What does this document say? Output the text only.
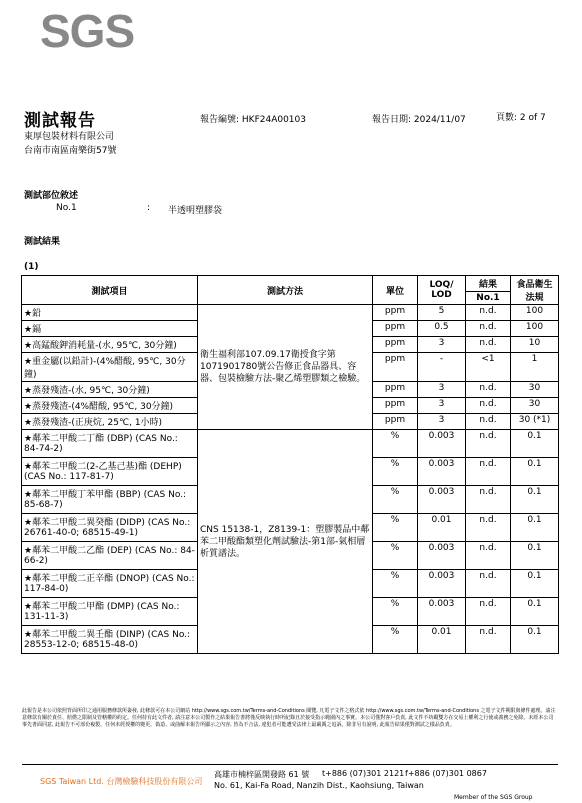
SGS
測試報告
東厚包裝材料有限公司
台南市南區南樂街57號
報告編號: HKF24A00103	報告日期: 2024/11/07	頁數: 2 of 7
測試部位敘述
No.1	: 半透明塑膠袋
測試結果
(1)
測試項目	測試方法	單位	LOQ/ LOD	結果	食品衛生法規
				No.1	
★鉛	衛生福利部107.09.17衛授食字第1071901780號公告修正食品器具、容器、包裝檢驗方法-聚乙烯塑膠類之檢驗。	ppm	5	n.d.	100
★鎘		ppm	0.5	n.d.	100
★高錳酸鉀消耗量-(水, 95℃, 30分鐘)		ppm	3	n.d.	10
★重金屬(以鉛計)-(4%醋酸, 95℃, 30分鐘)		ppm	-	<1	1
★蒸發殘渣-(水, 95℃, 30分鐘)		ppm	3	n.d.	30
★蒸發殘渣-(4%醋酸, 95℃, 30分鐘)		ppm	3	n.d.	30
★蒸發殘渣-(正庚烷, 25℃, 1小時)		ppm	3	n.d.	30 (*1)
★鄰苯二甲酸二丁酯 (DBP) (CAS No.: 84-74-2)	CNS 15138-1，Z8139-1：塑膠製品中鄰苯二甲酸酯類塑化劑試驗法-第1部-氣相層析質譜法。	%	0.003	n.d.	0.1
★鄰苯二甲酸二(2-乙基己基)酯 (DEHP) (CAS No.: 117-81-7)		%	0.003	n.d.	0.1
★鄰苯二甲酸丁苯甲酯 (BBP) (CAS No.: 85-68-7)		%	0.003	n.d.	0.1
★鄰苯二甲酸二異癸酯 (DIDP) (CAS No.: 26761-40-0; 68515-49-1)		%	0.01	n.d.	0.1
★鄰苯二甲酸二乙酯 (DEP) (CAS No.: 84-66-2)		%	0.003	n.d.	0.1
★鄰苯二甲酸二正辛酯 (DNOP) (CAS No.: 117-84-0)		%	0.003	n.d.	0.1
★鄰苯二甲酸二甲酯 (DMP) (CAS No.: 131-11-3)		%	0.003	n.d.	0.1
★鄰苯二甲酸二異壬酯 (DINP) (CAS No.: 28553-12-0; 68515-48-0)		%	0.01	n.d.	0.1
此報告是本公司依照背面所印之通用服務條款所簽發, 此條款可在本公司網站 http://www.sgs.com.tw/Terms-and-Conditions 閱覽, 凡電子文件之格式依 http://www.sgs.com.tw/Terms-and-Conditions 之電子文件期限與條件處理。請注意條款有關於責任、賠償之限制及管轄權的約定。任何持有此文件者, 請注意本公司製作之結果報告書將僅反映執行時所紀錄且於接受指示範圍內之事實。本公司僅對客戶負責, 此文件不妨礙雙方在交易上權利之行使或義務之免除。未經本公司事先書面同意, 此報告不可部份複製。任何未經授權的變更、偽造、或曲解本報告所顯示之內容, 皆為不合法, 違犯者可能遭受法律上最嚴厲之追訴。除非另有說明, 此報告結果僅對測試之樣品負責。
SGS Taiwan Ltd. 台灣檢驗科技股份有限公司
高雄市楠梓區開發路 61 號 t+886 (07)301 2121 f+886 (07)301 0867
No. 61, Kai-Fa Road, Nanzih Dist., Kaohsiung, Taiwan
Member of the SGS Group
